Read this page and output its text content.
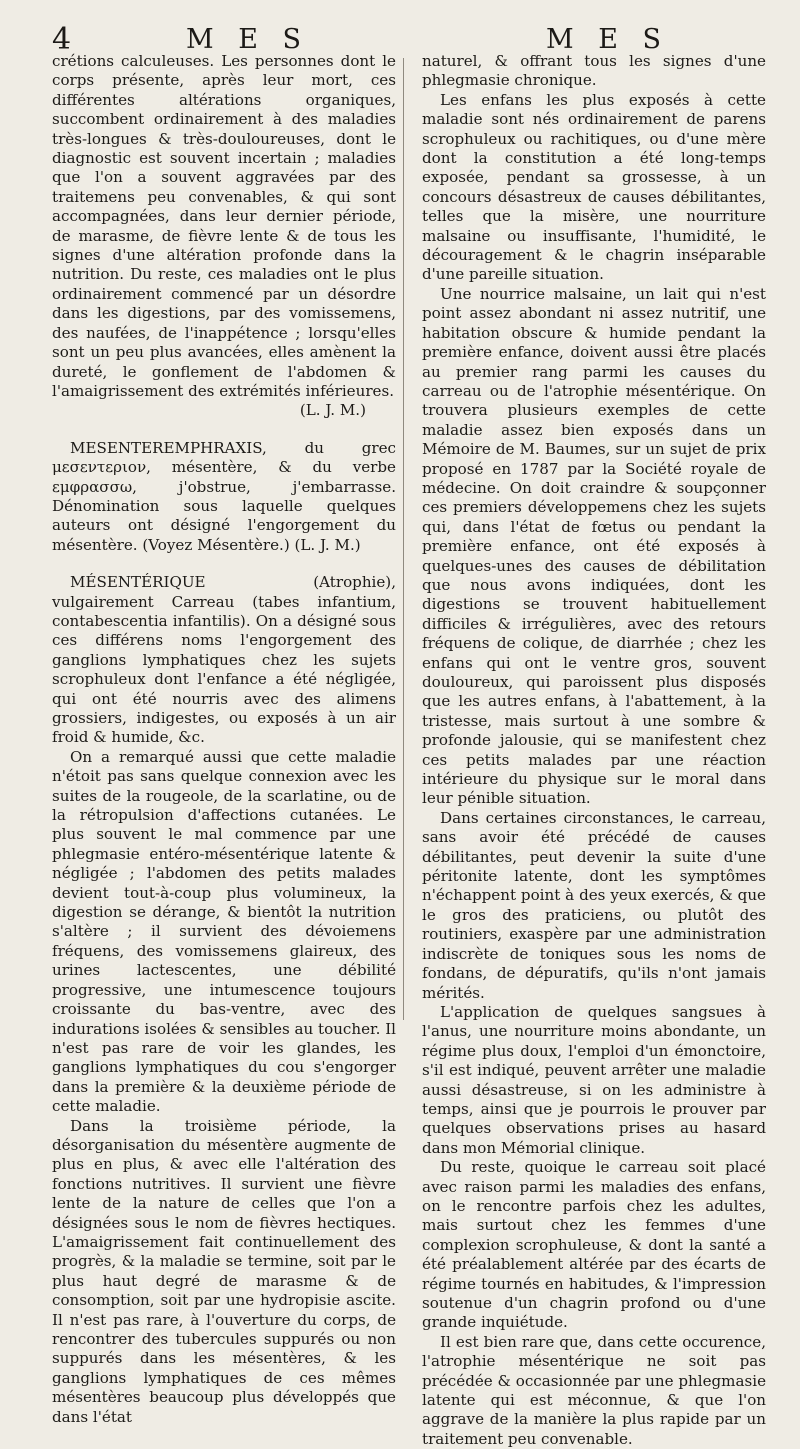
4	M E S	M E S

crétions calculeuses. Les personnes dont le corps présente, après leur mort, ces différentes altérations organiques, succombent ordinairement à des maladies très-longues & très-douloureuses, dont le diagnostic est souvent incertain ; maladies que l'on a souvent aggravées par des traitemens peu convenables, & qui sont accompagnées, dans leur dernier période, de marasme, de fièvre lente & de tous les signes d'une altération profonde dans la nutrition. Du reste, ces maladies ont le plus ordinairement commencé par un désordre dans les digestions, par des vomissemens, des naufées, de l'inappétence ; lorsqu'elles sont un peu plus avancées, elles amènent la dureté, le gonflement de l'abdomen & l'amaigrissement des extrémités inférieures.

(L. J. M.)

MESENTEREMPHRAXIS, du grec μεσεντεριον, mésentère, & du verbe εμφρασσω, j'obstrue, j'embarrasse. Dénomination sous laquelle quelques auteurs ont désigné l'engorgement du mésentère. (Voyez Mésentère.) (L. J. M.)

MÉSENTÉRIQUE (Atrophie), vulgairement Carreau (tabes infantium, contabescentia infantilis). On a désigné sous ces différens noms l'engorgement des ganglions lymphatiques chez les sujets scrophuleux dont l'enfance a été négligée, qui ont été nourris avec des alimens grossiers, indigestes, ou exposés à un air froid & humide, &c.

On a remarqué aussi que cette maladie n'étoit pas sans quelque connexion avec les suites de la rougeole, de la scarlatine, ou de la rétropulsion d'affections cutanées. Le plus souvent le mal commence par une phlegmasie entéro-mésentérique latente & négligée ; l'abdomen des petits malades devient tout-à-coup plus volumineux, la digestion se dérange, & bientôt la nutrition s'altère ; il survient des dévoiemens fréquens, des vomissemens glaireux, des urines lactescentes, une débilité progressive, une intumescence toujours croissante du bas-ventre, avec des indurations isolées & sensibles au toucher. Il n'est pas rare de voir les glandes, les ganglions lymphatiques du cou s'engorger dans la première & la deuxième période de cette maladie.

Dans la troisième période, la désorganisation du mésentère augmente de plus en plus, & avec elle l'altération des fonctions nutritives. Il survient une fièvre lente de la nature de celles que l'on a désignées sous le nom de fièvres hectiques. L'amaigrissement fait continuellement des progrès, & la maladie se termine, soit par le plus haut degré de marasme & de consomption, soit par une hydropisie ascite. Il n'est pas rare, à l'ouverture du corps, de rencontrer des tubercules suppurés ou non suppurés dans les mésentères, & les ganglions lymphatiques de ces mêmes mésentères beaucoup plus développés que dans l'état

naturel, & offrant tous les signes d'une phlegmasie chronique.

Les enfans les plus exposés à cette maladie sont nés ordinairement de parens scrophuleux ou rachitiques, ou d'une mère dont la constitution a été long-temps exposée, pendant sa grossesse, à un concours désastreux de causes débilitantes, telles que la misère, une nourriture malsaine ou insuffisante, l'humidité, le découragement & le chagrin inséparable d'une pareille situation.

Une nourrice malsaine, un lait qui n'est point assez abondant ni assez nutritif, une habitation obscure & humide pendant la première enfance, doivent aussi être placés au premier rang parmi les causes du carreau ou de l'atrophie mésentérique. On trouvera plusieurs exemples de cette maladie assez bien exposés dans un Mémoire de M. Baumes, sur un sujet de prix proposé en 1787 par la Société royale de médecine. On doit craindre & soupçonner ces premiers développemens chez les sujets qui, dans l'état de fœtus ou pendant la première enfance, ont été exposés à quelques-unes des causes de débilitation que nous avons indiquées, dont les digestions se trouvent habituellement difficiles & irrégulières, avec des retours fréquens de colique, de diarrhée ; chez les enfans qui ont le ventre gros, souvent douloureux, qui paroissent plus disposés que les autres enfans, à l'abattement, à la tristesse, mais surtout à une sombre & profonde jalousie, qui se manifestent chez ces petits malades par une réaction intérieure du physique sur le moral dans leur pénible situation.

Dans certaines circonstances, le carreau, sans avoir été précédé de causes débilitantes, peut devenir la suite d'une péritonite latente, dont les symptômes n'échappent point à des yeux exercés, & que le gros des praticiens, ou plutôt des routiniers, exaspère par une administration indiscrète de toniques sous les noms de fondans, de dépuratifs, qu'ils n'ont jamais mérités.

L'application de quelques sangsues à l'anus, une nourriture moins abondante, un régime plus doux, l'emploi d'un émonctoire, s'il est indiqué, peuvent arrêter une maladie aussi désastreuse, si on les administre à temps, ainsi que je pourrois le prouver par quelques observations prises au hasard dans mon Mémorial clinique.

Du reste, quoique le carreau soit placé avec raison parmi les maladies des enfans, on le rencontre parfois chez les adultes, mais surtout chez les femmes d'une complexion scrophuleuse, & dont la santé a été préalablement altérée par des écarts de régime tournés en habitudes, & l'impression soutenue d'un chagrin profond ou d'une grande inquiétude.

Il est bien rare que, dans cette occurence, l'atrophie mésentérique ne soit pas précédée & occasionnée par une phlegmasie latente qui est méconnue, & que l'on aggrave de la manière la plus rapide par un traitement peu convenable.
